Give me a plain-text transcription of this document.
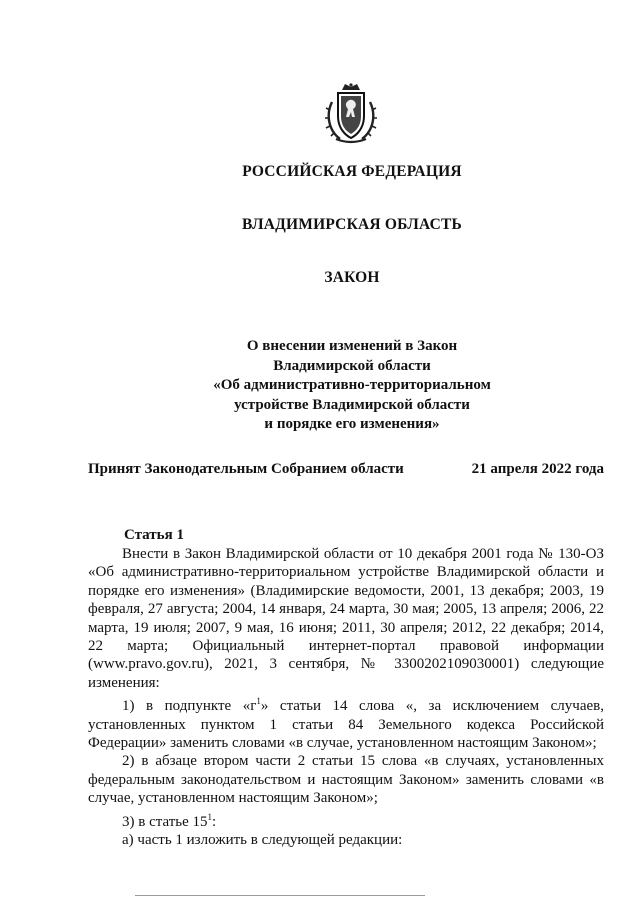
РОССИЙСКАЯ ФЕДЕРАЦИЯ
ВЛАДИМИРСКАЯ ОБЛАСТЬ
ЗАКОН
О внесении изменений в Закон
Владимирской области
«Об административно-территориальном
устройстве Владимирской области
и порядке его изменения»
Принят Законодательным Собранием области	21 апреля 2022 года
Статья 1

Внести в Закон Владимирской области от 10 декабря 2001 года № 130-ОЗ «Об административно-территориальном устройстве Владимирской области и порядке его изменения» (Владимирские ведомости, 2001, 13 декабря; 2003, 19 февраля, 27 августа; 2004, 14 января, 24 марта, 30 мая; 2005, 13 апреля; 2006, 22 марта, 19 июля; 2007, 9 мая, 16 июня; 2011, 30 апреля; 2012, 22 декабря; 2014, 22 марта; Официальный интернет-портал правовой информации (www.pravo.gov.ru), 2021, 3 сентября, № 3300202109030001) следующие изменения:

1) в подпункте «$г^1$» статьи 14 слова «, за исключением случаев, установленных пунктом 1 статьи 84 Земельного кодекса Российской Федерации» заменить словами «в случае, установленном настоящим Законом»;

2) в абзаце втором части 2 статьи 15 слова «в случаях, установленных федеральным законодательством и настоящим Законом» заменить словами «в случае, установленном настоящим Законом»;

3) в статье $15^1$:

а) часть 1 изложить в следующей редакции:
